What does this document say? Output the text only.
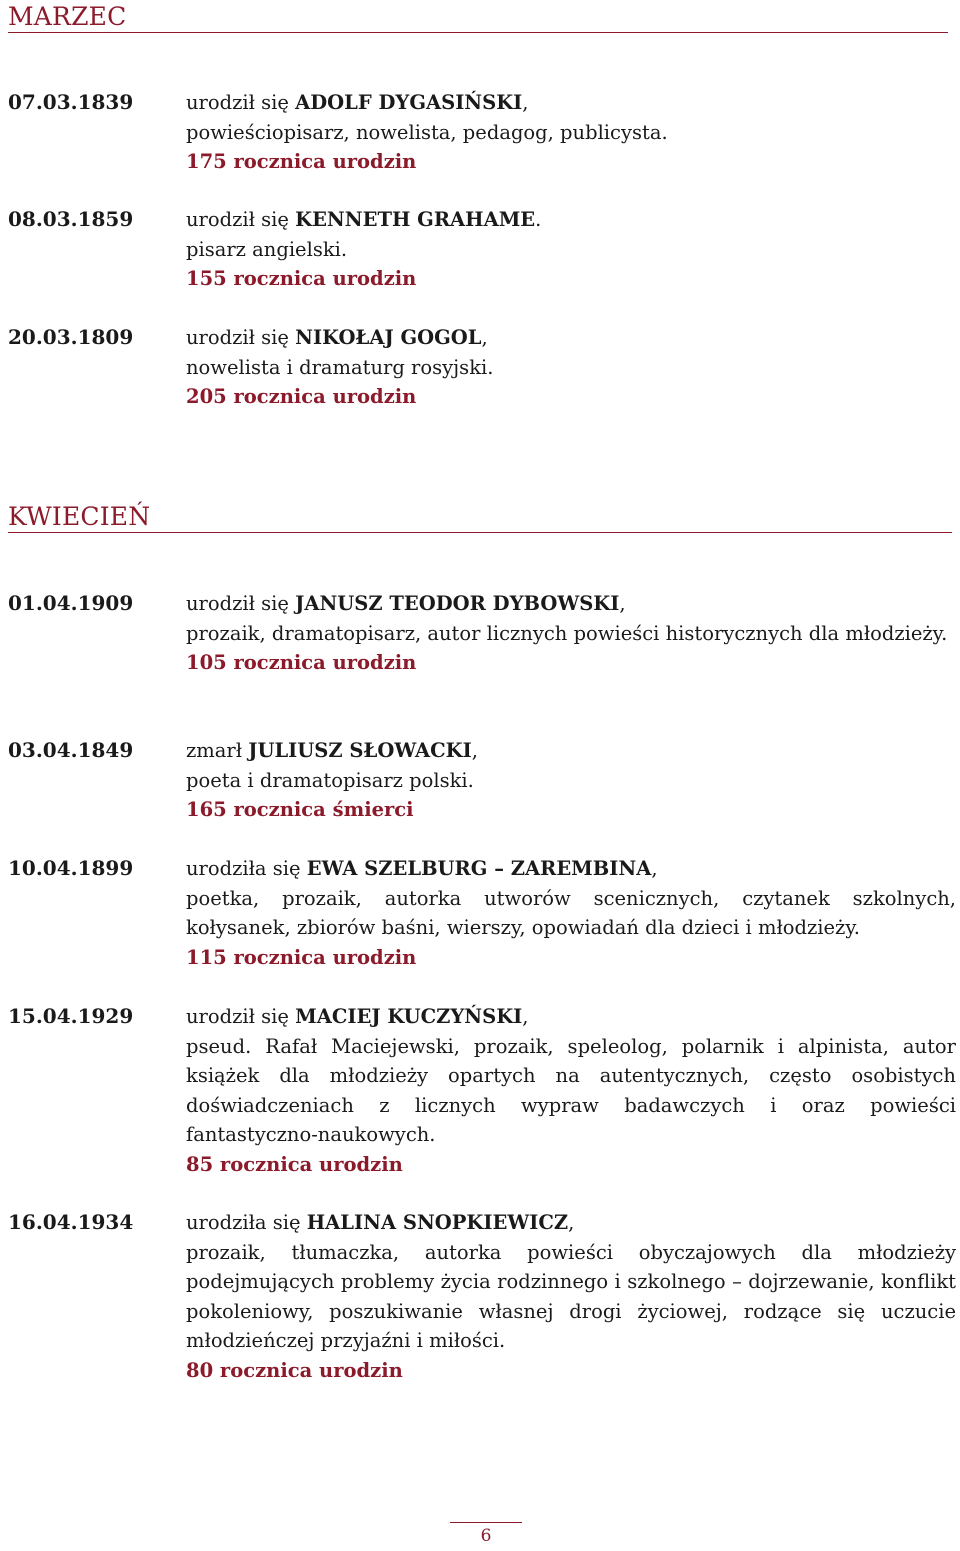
MARZEC
07.03.1839	urodził się ADOLF DYGASIŃSKI,
powieściopisarz, nowelista, pedagog, publicysta.
175 rocznica urodzin
08.03.1859	urodził się KENNETH GRAHAME.
pisarz angielski.
155 rocznica urodzin
20.03.1809	urodził się NIKOŁAJ GOGOL,
nowelista i dramaturg rosyjski.
205 rocznica urodzin
KWIECIEŃ
01.04.1909	urodził się JANUSZ TEODOR DYBOWSKI,
prozaik, dramatopisarz, autor licznych powieści historycznych dla młodzieży.
105 rocznica urodzin
03.04.1849	zmarł JULIUSZ SŁOWACKI,
poeta i dramatopisarz polski.
165 rocznica śmierci
10.04.1899	urodziła się EWA SZELBURG – ZAREMBINA,
poetka, prozaik, autorka utworów scenicznych, czytanek szkolnych, kołysanek, zbiorów baśni, wierszy, opowiadań dla dzieci i młodzieży.
115 rocznica urodzin
15.04.1929	urodził się MACIEJ KUCZYŃSKI,
pseud. Rafał Maciejewski, prozaik, speleolog, polarnik i alpinista, autor książek dla młodzieży opartych na autentycznych, często osobistych doświadczeniach z licznych wypraw badawczych i oraz powieści fantastyczno-naukowych.
85 rocznica urodzin
16.04.1934	urodziła się HALINA SNOPKIEWICZ,
prozaik, tłumaczka, autorka powieści obyczajowych dla młodzieży podejmujących problemy życia rodzinnego i szkolnego – dojrzewanie, konflikt pokoleniowy, poszukiwanie własnej drogi życiowej, rodzące się uczucie młodzieńczej przyjaźni i miłości.
80 rocznica urodzin
6
